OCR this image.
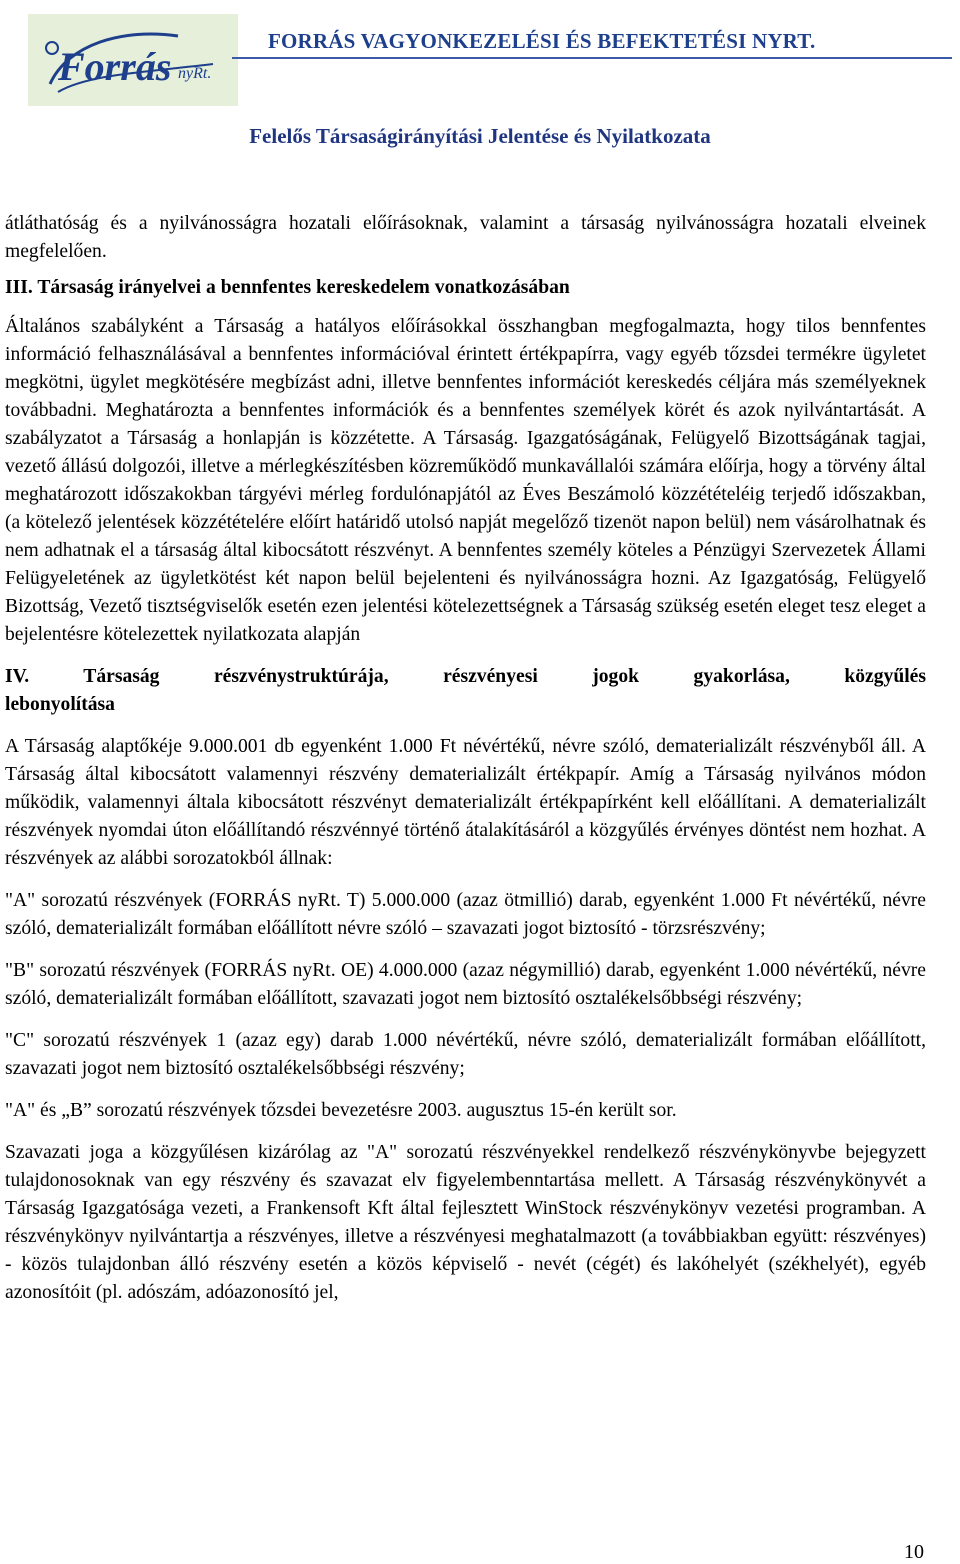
Forrás nyRt.
FORRÁS VAGYONKEZELÉSI ÉS BEFEKTETÉSI NYRT.
Felelős Társaságirányítási Jelentése és Nyilatkozata

átláthatóság és a nyilvánosságra hozatali előírásoknak, valamint a társaság nyilvánosságra hozatali elveinek megfelelően.

III. Társaság irányelvei a bennfentes kereskedelem vonatkozásában

Általános szabályként a Társaság a hatályos előírásokkal összhangban megfogalmazta, hogy tilos bennfentes információ felhasználásával a bennfentes információval érintett értékpapírra, vagy egyéb tőzsdei termékre ügyletet megkötni, ügylet megkötésére megbízást adni, illetve bennfentes információt kereskedés céljára más személyeknek továbbadni. Meghatározta a bennfentes információk és a bennfentes személyek körét és azok nyilvántartását. A szabályzatot a Társaság a honlapján is közzétette. A Társaság. Igazgatóságának, Felügyelő Bizottságának tagjai, vezető állású dolgozói, illetve a mérlegkészítésben közreműködő munkavállalói számára előírja, hogy a törvény által meghatározott időszakokban tárgyévi mérleg fordulónapjától az Éves Beszámoló közzétételéig terjedő időszakban, (a kötelező jelentések közzétételére előírt határidő utolsó napját megelőző tizenöt napon belül) nem vásárolhatnak és nem adhatnak el a társaság által kibocsátott részvényt. A bennfentes személy köteles a Pénzügyi Szervezetek Állami Felügyeletének az ügyletkötést két napon belül bejelenteni és nyilvánosságra hozni. Az Igazgatóság, Felügyelő Bizottság, Vezető tisztségviselők esetén ezen jelentési kötelezettségnek a Társaság szükség esetén eleget tesz eleget a bejelentésre kötelezettek nyilatkozata alapján

IV. Társaság részvénystruktúrája, részvényesi jogok gyakorlása, közgyűlés

lebonyolítása

A Társaság alaptőkéje 9.000.001 db egyenként 1.000 Ft névértékű, névre szóló, dematerializált részvényből áll. A Társaság által kibocsátott valamennyi részvény dematerializált értékpapír. Amíg a Társaság nyilvános módon működik, valamennyi általa kibocsátott részvényt dematerializált értékpapírként kell előállítani. A dematerializált részvények nyomdai úton előállítandó részvénnyé történő átalakításáról a közgyűlés érvényes döntést nem hozhat. A részvények az alábbi sorozatokból állnak:

"A" sorozatú részvények (FORRÁS nyRt. T) 5.000.000 (azaz ötmillió) darab, egyenként 1.000 Ft névértékű, névre szóló, dematerializált formában előállított névre szóló – szavazati jogot biztosító - törzsrészvény;

"B" sorozatú részvények (FORRÁS nyRt. OE) 4.000.000 (azaz négymillió) darab, egyenként 1.000 névértékű, névre szóló, dematerializált formában előállított, szavazati jogot nem biztosító osztalékelsőbbségi részvény;

"C" sorozatú részvények 1 (azaz egy) darab 1.000 névértékű, névre szóló, dematerializált formában előállított, szavazati jogot nem biztosító osztalékelsőbbségi részvény;

"A" és „B” sorozatú részvények tőzsdei bevezetésre 2003. augusztus 15-én került sor.

Szavazati joga a közgyűlésen kizárólag az "A" sorozatú részvényekkel rendelkező részvénykönyvbe bejegyzett tulajdonosoknak van egy részvény és szavazat elv figyelembenntartása mellett. A Társaság részvénykönyvét a Társaság Igazgatósága vezeti, a Frankensoft Kft által fejlesztett WinStock részvénykönyv vezetési programban. A részvénykönyv nyilvántartja a részvényes, illetve a részvényesi meghatalmazott (a továbbiakban együtt: részvényes) - közös tulajdonban álló részvény esetén a közös képviselő - nevét (cégét) és lakóhelyét (székhelyét), egyéb azonosítóit (pl. adószám, adóazonosító jel,

10
